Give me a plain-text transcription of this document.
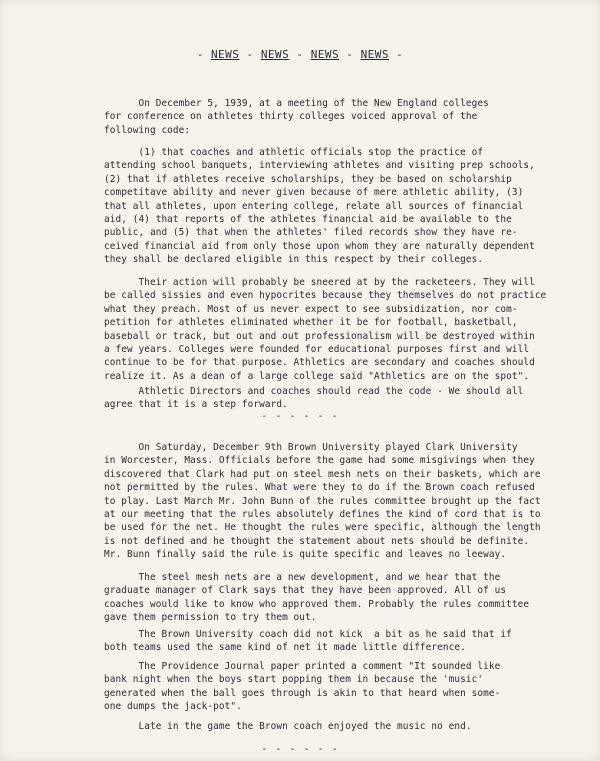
- NEWS - NEWS - NEWS - NEWS -
On December 5, 1939, at a meeting of the New England colleges
for conference on athletes thirty colleges voiced approval of the
following code:
(1) that coaches and athletic officials stop the practice of
attending school banquets, interviewing athletes and visiting prep schools,
(2) that if athletes receive scholarships, they be based on scholarship
competitave ability and never given because of mere athletic ability, (3)
that all athletes, upon entering college, relate all sources of financial
aid, (4) that reports of the athletes financial aid be available to the
public, and (5) that when the athletes' filed records show they have re-
ceived financial aid from only those upon whom they are naturally dependent
they shall be declared eligible in this respect by their colleges.
Their action will probably be sneered at by the racketeers. They will
be called sissies and even hypocrites because they themselves do not practice
what they preach. Most of us never expect to see subsidization, nor com-
petition for athletes eliminated whether it be for football, basketball,
baseball or track, but out and out professionalism will be destroyed within
a few years. Colleges were founded for educational purposes first and will
continue to be for that purpose. Athletics are secondary and coaches should
realize it. As a dean of a large college said "Athletics are on the spot".
Athletic Directors and coaches should read the code - We should all
agree that it is a step forward.
- - - - - -
On Saturday, December 9th Brown University played Clark University
in Worcester, Mass. Officials before the game had some misgivings when they
discovered that Clark had put on steel mesh nets on their baskets, which are
not permitted by the rules. What were they to do if the Brown coach refused
to play. Last March Mr. John Bunn of the rules committee brought up the fact
at our meeting that the rules absolutely defines the kind of cord that is to
be used for the net. He thought the rules were specific, although the length
is not defined and he thought the statement about nets should be definite.
Mr. Bunn finally said the rule is quite specific and leaves no leeway.
The steel mesh nets are a new development, and we hear that the
graduate manager of Clark says that they have been approved. All of us
coaches would like to know who approved them. Probably the rules committee
gave them permission to try them out.
The Brown University coach did not kick  a bit as he said that if
both teams used the same kind of net it made little difference.
The Providence Journal paper printed a comment "It sounded like
bank night when the boys start popping them in because the 'music'
generated when the ball goes through is akin to that heard when some-
one dumps the jack-pot".
Late in the game the Brown coach enjoyed the music no end.
- - - - - -
